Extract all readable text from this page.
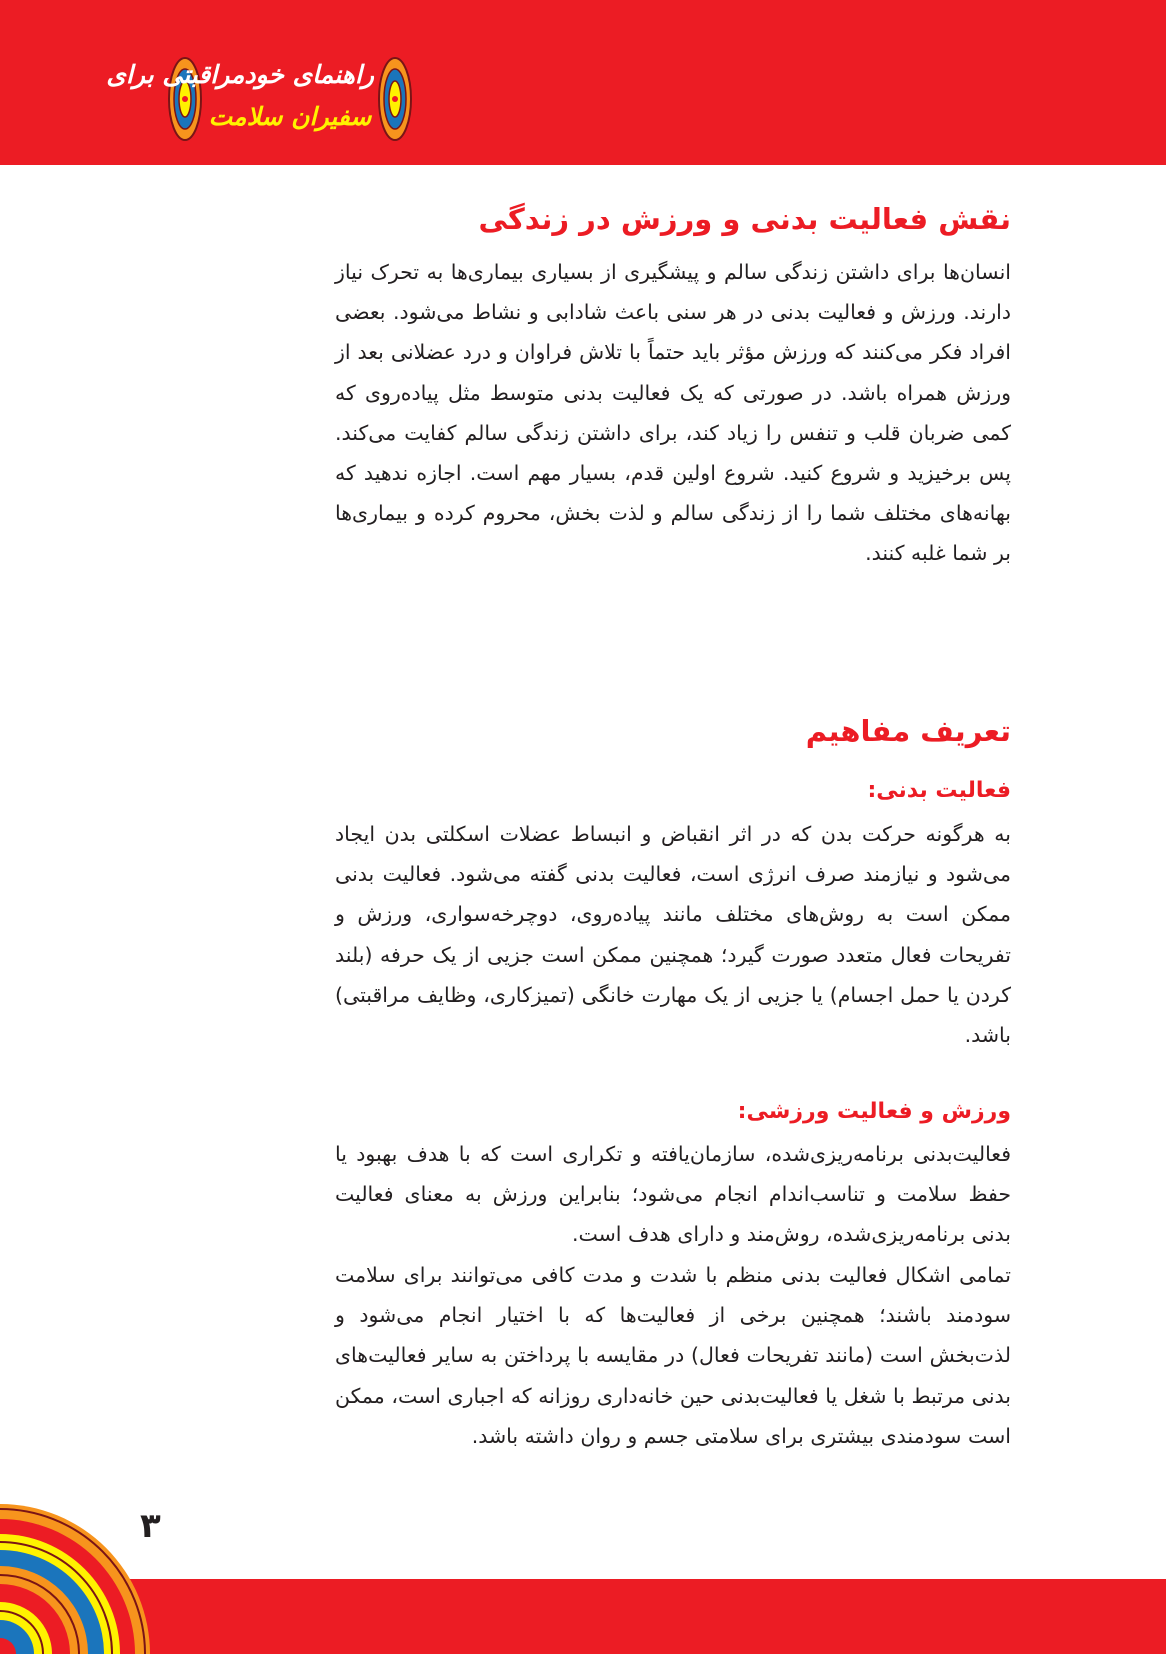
راهنمای خودمراقبتی برای
سفیران سلامت
نقش فعالیت بدنی و ورزش در زندگی

انسان‌ها برای داشتن زندگی سالم و پیشگیری از بسیاری بیماری‌ها به تحرک نیاز دارند. ورزش و فعالیت بدنی در هر سنی باعث شادابی و نشاط می‌شود. بعضی افراد فکر می‌کنند که ورزش مؤثر باید حتماً با تلاش فراوان و درد عضلانی بعد از ورزش همراه باشد. در صورتی که یک فعالیت بدنی متوسط مثل پیاده‌روی که کمی ضربان قلب و تنفس را زیاد کند، برای داشتن زندگی سالم کفایت می‌کند. پس برخیزید و شروع کنید. شروع اولین قدم، بسیار مهم است. اجازه ندهید که بهانه‌های مختلف شما را از زندگی سالم و لذت بخش، محروم کرده و بیماری‌ها بر شما غلبه کنند.

تعریف مفاهیم
فعالیت بدنی:

به هرگونه حرکت بدن که در اثر انقباض و انبساط عضلات اسکلتی بدن ایجاد می‌شود و نیازمند صرف انرژی است، فعالیت بدنی گفته می‌شود. فعالیت بدنی ممکن است به روش‌های مختلف مانند پیاده‌روی، دوچرخه‌سواری، ورزش و تفریحات فعال متعدد صورت گیرد؛ همچنین ممکن است جزیی از یک حرفه (بلند کردن یا حمل اجسام) یا جزیی از یک مهارت خانگی (تمیزکاری، وظایف مراقبتی) باشد.

ورزش و فعالیت ورزشی:

فعالیت‌بدنی برنامه‌ریزی‌شده، سازمان‌یافته و تکراری است که با هدف بهبود یا حفظ سلامت و تناسب‌اندام انجام می‌شود؛ بنابراین ورزش به معنای فعالیت بدنی برنامه‌ریزی‌شده، روش‌مند و دارای هدف است.

تمامی اشکال فعالیت بدنی منظم با شدت و مدت کافی می‌توانند برای سلامت سودمند باشند؛ همچنین برخی از فعالیت‌ها که با اختیار انجام می‌شود و لذت‌بخش است (مانند تفریحات فعال) در مقایسه با پرداختن به سایر فعالیت‌های بدنی مرتبط با شغل یا فعالیت‌بدنی حین خانه‌داری روزانه که اجباری است، ممکن است سودمندی بیشتری برای سلامتی جسم و روان داشته باشد.

۳
